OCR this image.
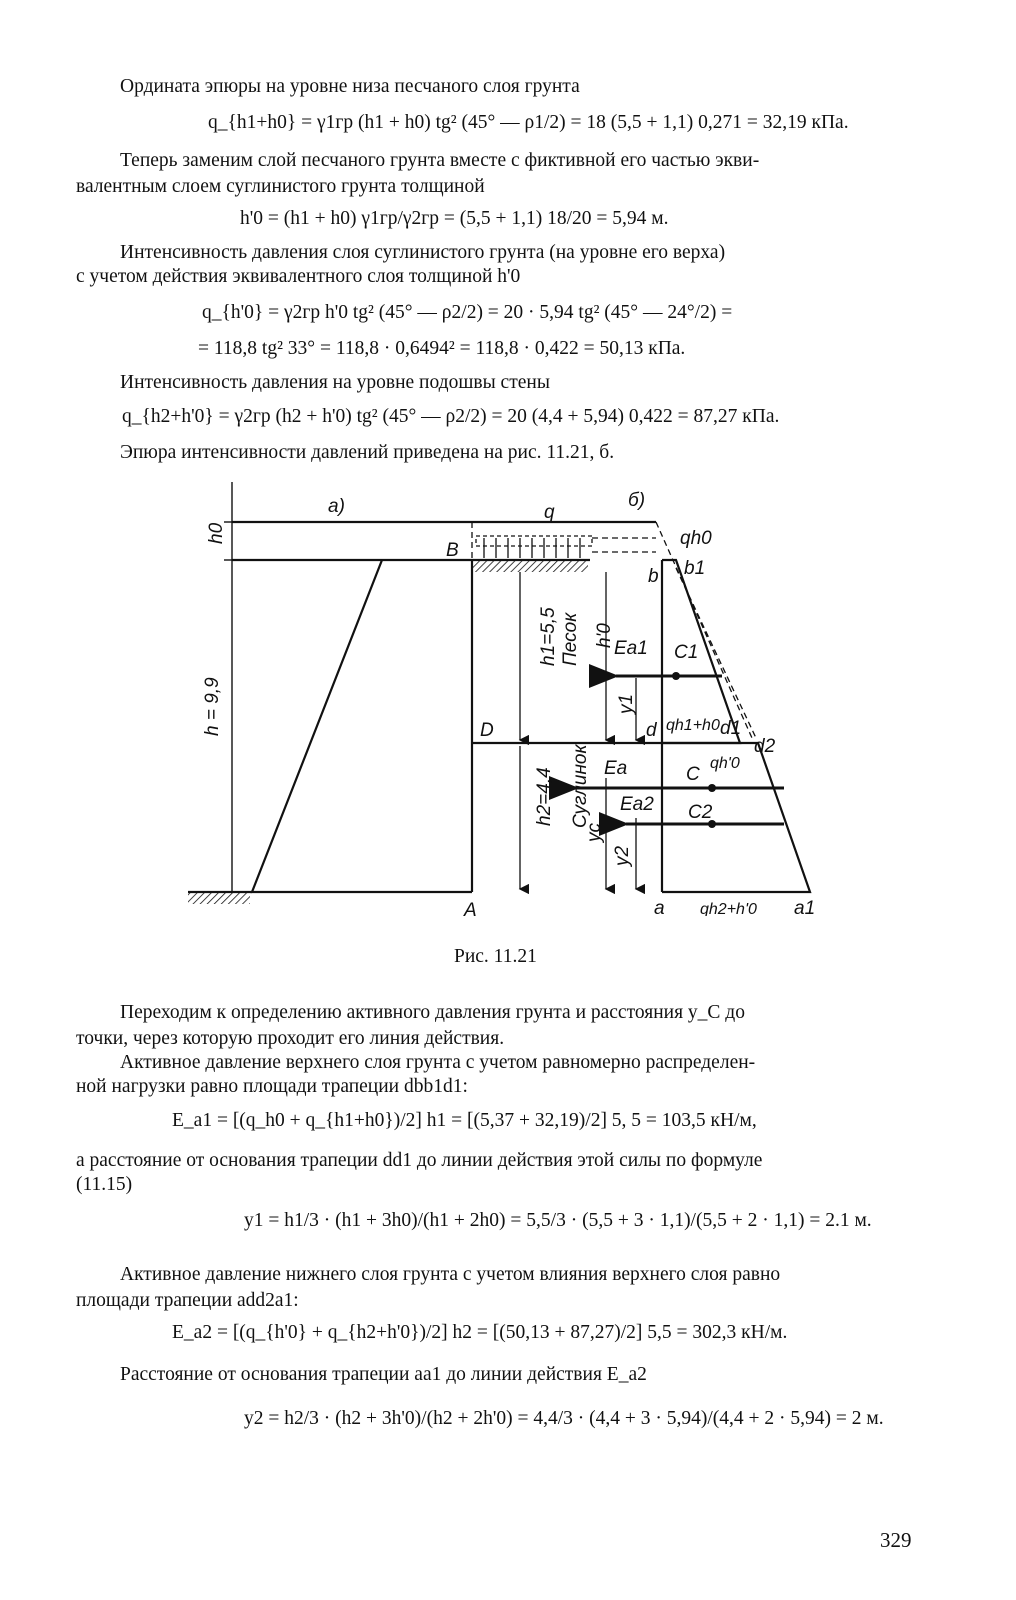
Ордината эпюры на уровне низа песчаного слоя грунта
q_{h1+h0} = γ1гр (h1 + h0) tg² (45° — ρ1/2) = 18 (5,5 + 1,1) 0,271 = 32,19 кПа.
Теперь заменим слой песчаного грунта вместе с фиктивной его частью экви-
валентным слоем суглинистого грунта толщиной
h'0 = (h1 + h0) γ1гр/γ2гр = (5,5 + 1,1) 18/20 = 5,94 м.
Интенсивность давления слоя суглинистого грунта (на уровне его верха)
с учетом действия эквивалентного слоя толщиной h'0
q_{h'0} = γ2гр h'0 tg² (45° — ρ2/2) = 20 · 5,94 tg² (45° — 24°/2) =
= 118,8 tg² 33° = 118,8 · 0,6494² = 118,8 · 0,422 = 50,13 кПа.
Интенсивность давления на уровне подошвы стены
q_{h2+h'0} = γ2гр (h2 + h'0) tg² (45° — ρ2/2) = 20 (4,4 + 5,94) 0,422 = 87,27 кПа.
Эпюра интенсивности давлений приведена на рис. 11.21, б.
а)	б)
h0
h = 9,9
B
q
b b1
qh0
h1=5,5 Песок h'0
Ea1 C1
y1
D	d qh1+h0 d1
d2
h2=4,4 Суглинок Ea	C
qh'0
Ea2 C2
yc
y2
A	a qh2+h'0 a1
Рис. 11.21
Переходим к определению активного давления грунта и расстояния y_C до
точки, через которую проходит его линия действия.
Активное давление верхнего слоя грунта с учетом равномерно распределен-
ной нагрузки равно площади трапеции dbb1d1:
E_a1 = [(q_h0 + q_{h1+h0})/2] h1 = [(5,37 + 32,19)/2] 5, 5 = 103,5 кН/м,
а расстояние от основания трапеции dd1 до линии действия этой силы по формуле
(11.15)
y1 = h1/3 · (h1 + 3h0)/(h1 + 2h0) = 5,5/3 · (5,5 + 3 · 1,1)/(5,5 + 2 · 1,1) = 2.1 м.
Активное давление нижнего слоя грунта с учетом влияния верхнего слоя равно
площади трапеции add2a1:
E_a2 = [(q_{h'0} + q_{h2+h'0})/2] h2 = [(50,13 + 87,27)/2] 5,5 = 302,3 кН/м.
Расстояние от основания трапеции aa1 до линии действия E_a2
y2 = h2/3 · (h2 + 3h'0)/(h2 + 2h'0) = 4,4/3 · (4,4 + 3 · 5,94)/(4,4 + 2 · 5,94) = 2 м.
329
